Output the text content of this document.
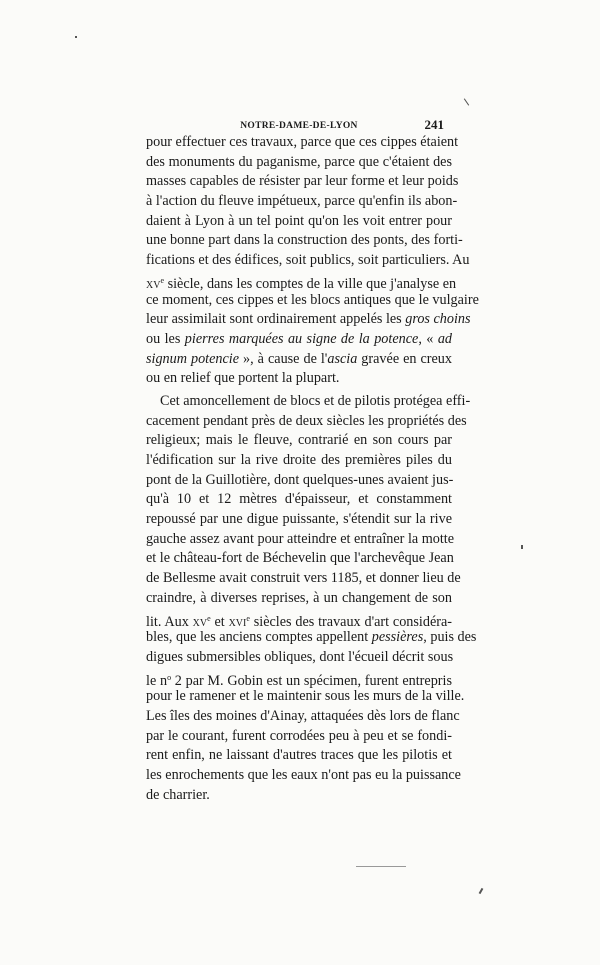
NOTRE-DAME-DE-LYON	241
pour effectuer ces travaux, parce que ces cippes étaient
des monuments du paganisme, parce que c'étaient des
masses capables de résister par leur forme et leur poids
à l'action du fleuve impétueux, parce qu'enfin ils abon-
daient à Lyon à un tel point qu'on les voit entrer pour
une bonne part dans la construction des ponts, des forti-
fications et des édifices, soit publics, soit particuliers. Au
$xv^e$ siècle, dans les comptes de la ville que j'analyse en
ce moment, ces cippes et les blocs antiques que le vulgaire
leur assimilait sont ordinairement appelés les gros choins
ou les pierres marquées au signe de la potence, « ad
signum potencie », à cause de l'ascia gravée en creux
ou en relief que portent la plupart.
Cet amoncellement de blocs et de pilotis protégea effi-
cacement pendant près de deux siècles les propriétés des
religieux; mais le fleuve, contrarié en son cours par
l'édification sur la rive droite des premières piles du
pont de la Guillotière, dont quelques-unes avaient jus-
qu'à 10 et 12 mètres d'épaisseur, et constamment
repoussé par une digue puissante, s'étendit sur la rive
gauche assez avant pour atteindre et entraîner la motte
et le château-fort de Béchevelin que l'archevêque Jean
de Bellesme avait construit vers 1185, et donner lieu de
craindre, à diverses reprises, à un changement de son
lit. Aux $xv^e$ et xvi$^e$ siècles des travaux d'art considéra-
bles, que les anciens comptes appellent pessières, puis des
digues submersibles obliques, dont l'écueil décrit sous
le $n^o$ 2 par M. Gobin est un spécimen, furent entrepris
pour le ramener et le maintenir sous les murs de la ville.
Les îles des moines d'Ainay, attaquées dès lors de flanc
par le courant, furent corrodées peu à peu et se fondi-
rent enfin, ne laissant d'autres traces que les pilotis et
les enrochements que les eaux n'ont pas eu la puissance
de charrier.
